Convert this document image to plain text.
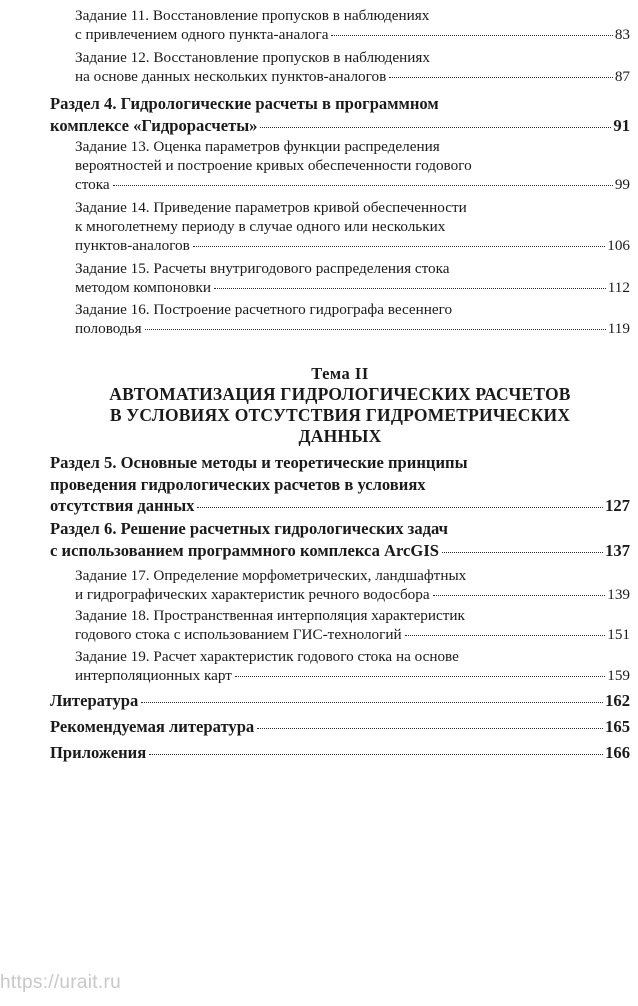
Задание 11. Восстановление пропусков в наблюдениях
с привлечением одного пункта-аналога	83
Задание 12. Восстановление пропусков в наблюдениях
на основе данных нескольких пунктов-аналогов	87
Раздел 4. Гидрологические расчеты в программном
комплексе «Гидрорасчеты»	91
Задание 13. Оценка параметров функции распределения
вероятностей и построение кривых обеспеченности годового
стока	99
Задание 14. Приведение параметров кривой обеспеченности
к многолетнему периоду в случае одного или нескольких
пунктов-аналогов	106
Задание 15. Расчеты внутригодового распределения стока
методом компоновки	112
Задание 16. Построение расчетного гидрографа весеннего
половодья	119
Тема II
АВТОМАТИЗАЦИЯ ГИДРОЛОГИЧЕСКИХ РАСЧЕТОВ
В УСЛОВИЯХ ОТСУТСТВИЯ ГИДРОМЕТРИЧЕСКИХ
ДАННЫХ
Раздел 5. Основные методы и теоретические принципы
проведения гидрологических расчетов в условиях
отсутствия данных	127
Раздел 6. Решение расчетных гидрологических задач
с использованием программного комплекса ArcGIS	137
Задание 17. Определение морфометрических, ландшафтных
и гидрографических характеристик речного водосбора	139
Задание 18. Пространственная интерполяция характеристик
годового стока с использованием ГИС-технологий	151
Задание 19. Расчет характеристик годового стока на основе
интерполяционных карт	159
Литература	162
Рекомендуемая литература	165
Приложения	166
https://urait.ru
